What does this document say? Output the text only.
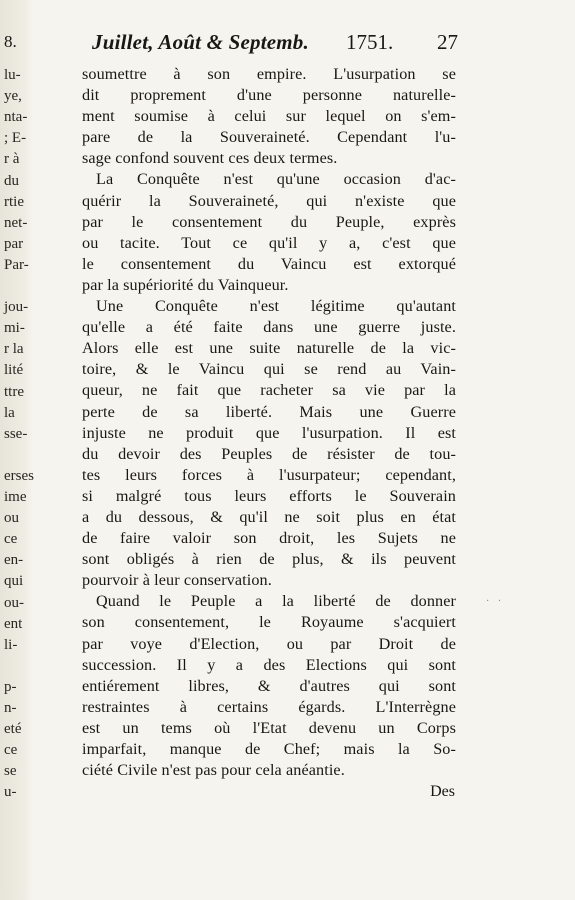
lu-
ye,
nta-
; E-
r à
du
rtie
net-
par
Par-
jou-
mi-
r la
lité
ttre
la
sse-
erses
ime
ou
ce
en-
qui
ou-
ent
li-
p-
n-
eté
ce
se
u-
8.	Juillet, Août & Septemb. 1751. 27
soumettre à son empire. L'usurpation se
dit proprement d'une personne naturelle-
ment soumise à celui sur lequel on s'em-
pare de la Souveraineté. Cependant l'u-
sage confond souvent ces deux termes.
La Conquête n'est qu'une occasion d'ac-
quérir la Souveraineté, qui n'existe que
par le consentement du Peuple, exprès
ou tacite. Tout ce qu'il y a, c'est que
le consentement du Vaincu est extorqué
par la supériorité du Vainqueur.
Une Conquête n'est légitime qu'autant
qu'elle a été faite dans une guerre juste.
Alors elle est une suite naturelle de la vic-
toire, & le Vaincu qui se rend au Vain-
queur, ne fait que racheter sa vie par la
perte de sa liberté. Mais une Guerre
injuste ne produit que l'usurpation. Il est
du devoir des Peuples de résister de tou-
tes leurs forces à l'usurpateur; cependant,
si malgré tous leurs efforts le Souverain
a du dessous, & qu'il ne soit plus en état
de faire valoir son droit, les Sujets ne
sont obligés à rien de plus, & ils peuvent
pourvoir à leur conservation.
Quand le Peuple a la liberté de donner
son consentement, le Royaume s'acquiert
par voye d'Election, ou par Droit de
succession. Il y a des Elections qui sont
entiérement libres, & d'autres qui sont
restraintes à certains égards. L'Interrègne
est un tems où l'Etat devenu un Corps
imparfait, manque de Chef; mais la So-
ciété Civile n'est pas pour cela anéantie.
Des
· ·
